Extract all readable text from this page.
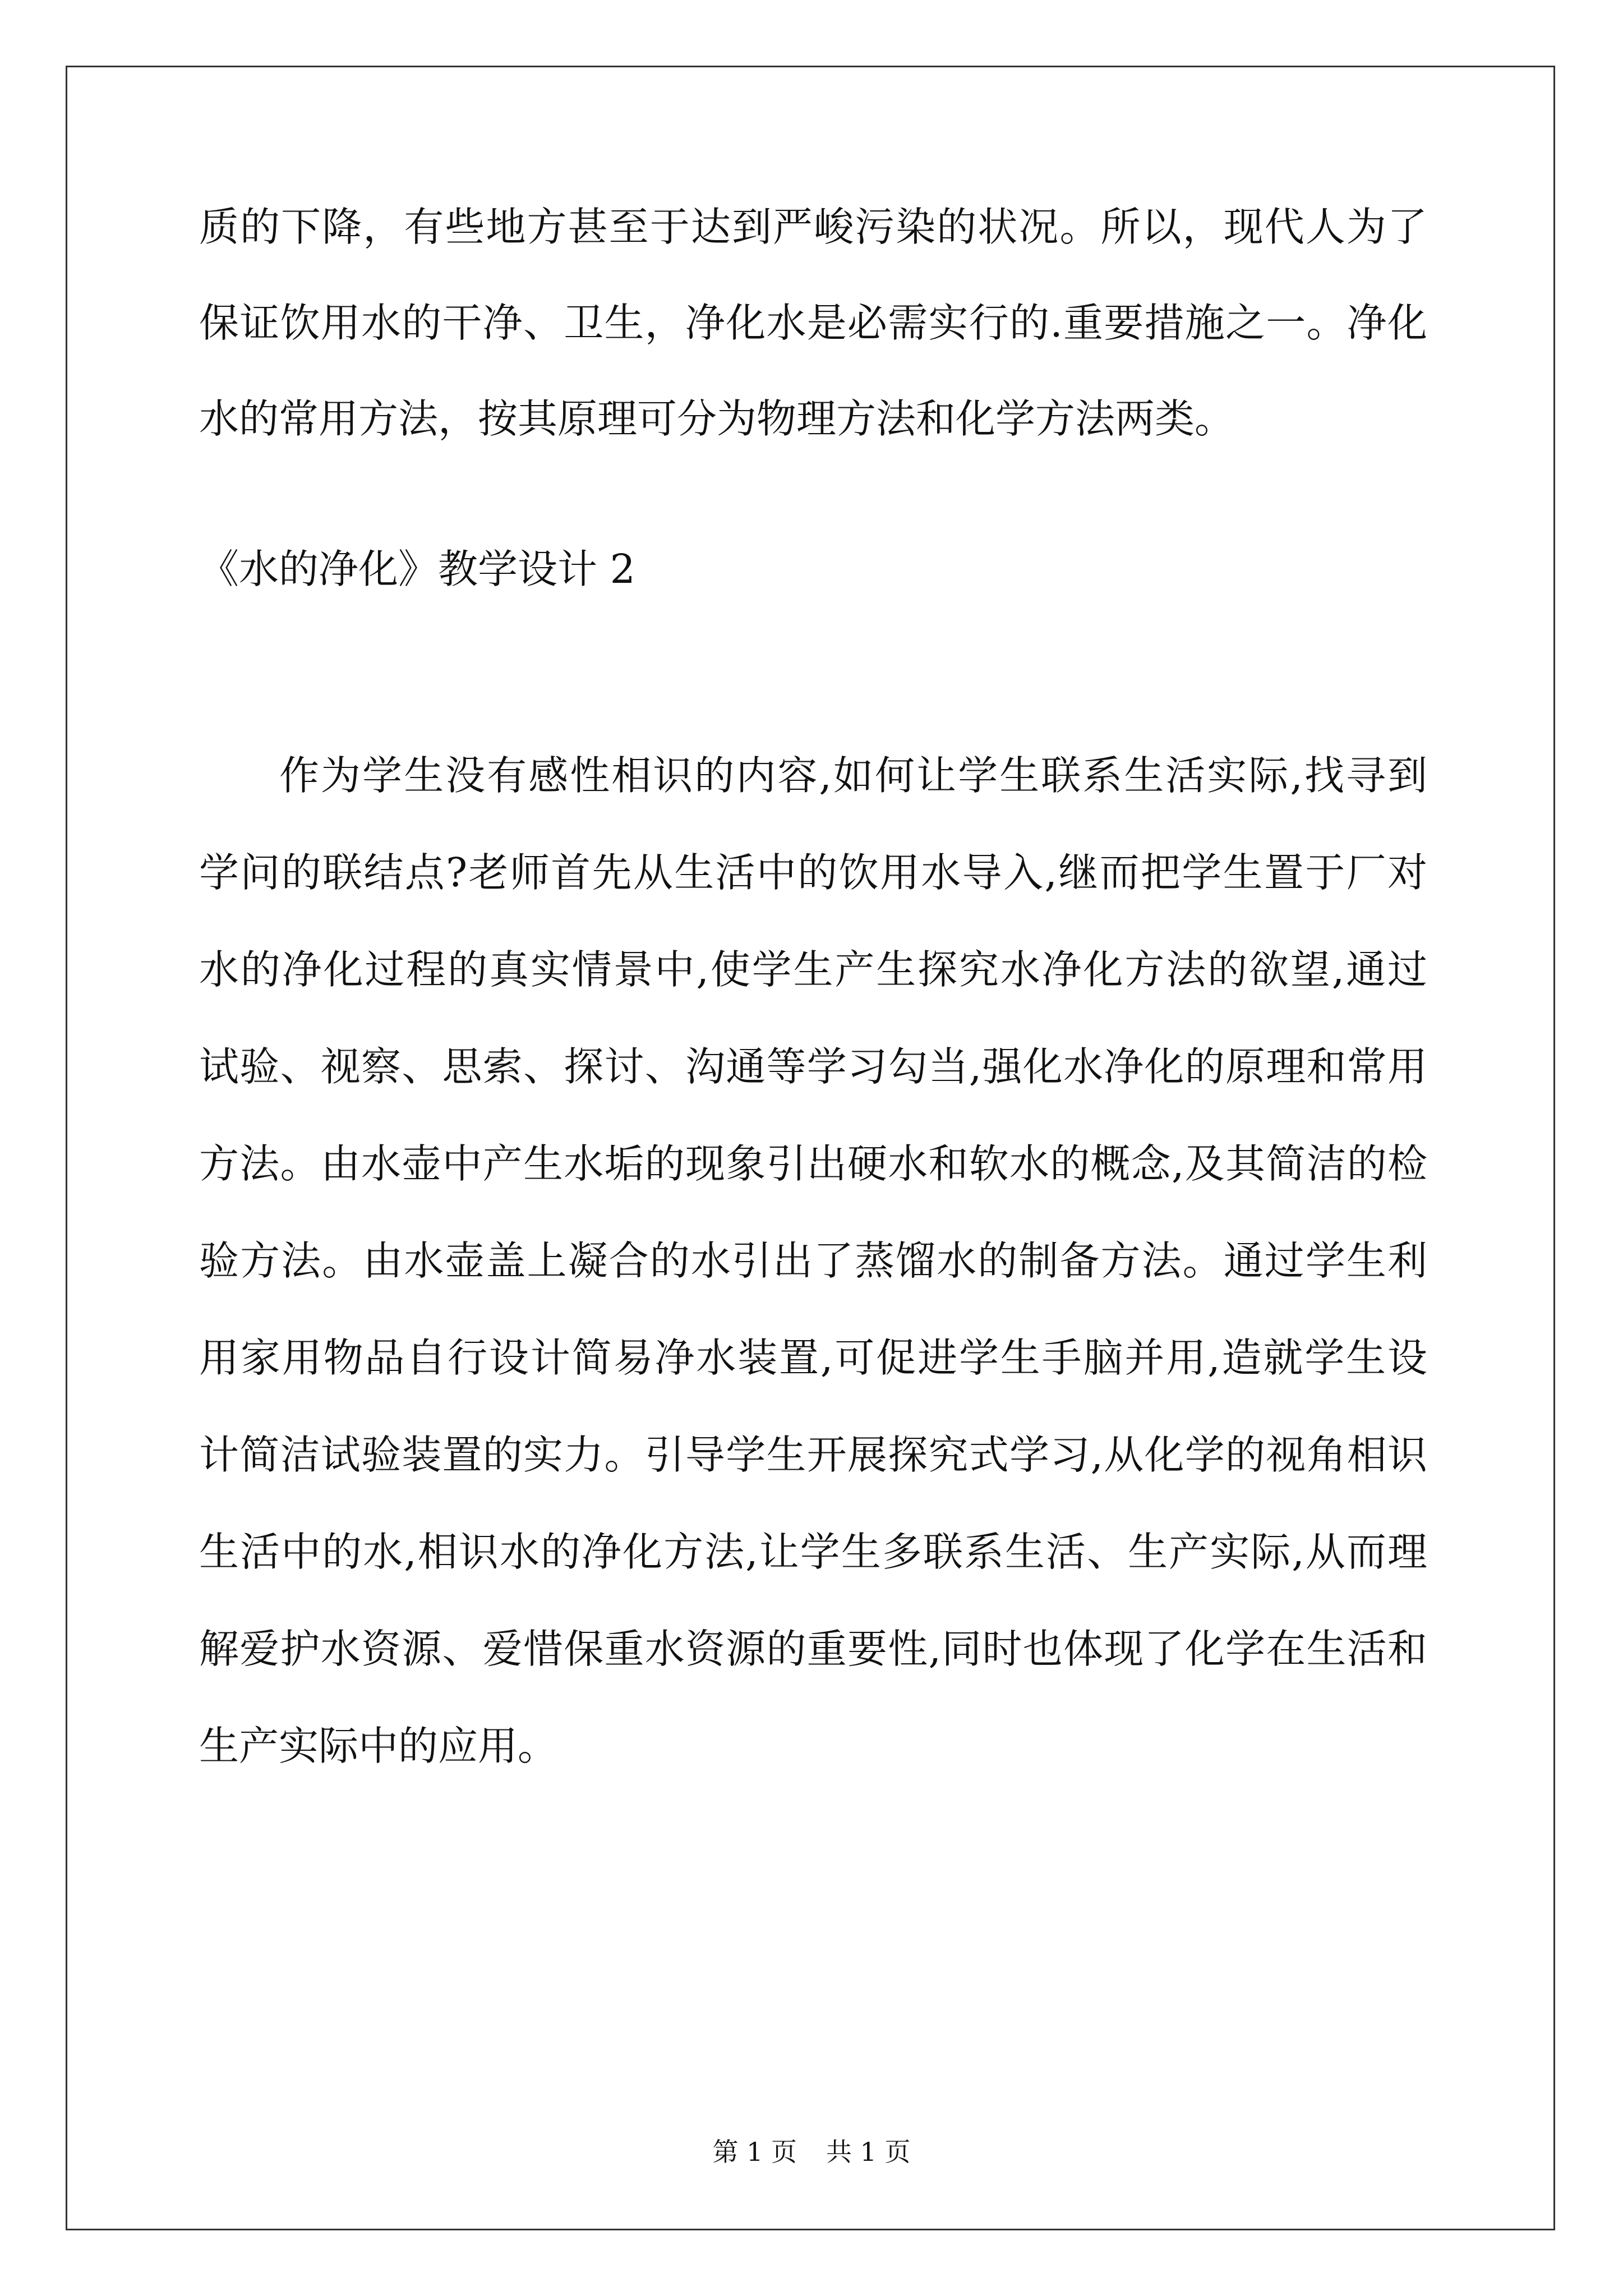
质的下降，有些地方甚至于达到严峻污染的状况。所以，现代人为了
保证饮用水的干净、卫生，净化水是必需实行的.重要措施之一。净化
水的常用方法，按其原理可分为物理方法和化学方法两类。
《水的净化》教学设计 2
作为学生没有感性相识的内容,如何让学生联系生活实际,找寻到
学问的联结点?老师首先从生活中的饮用水导入,继而把学生置于厂对
水的净化过程的真实情景中,使学生产生探究水净化方法的欲望,通过
试验、视察、思索、探讨、沟通等学习勾当,强化水净化的原理和常用
方法。由水壶中产生水垢的现象引出硬水和软水的概念,及其简洁的检
验方法。由水壶盖上凝合的水引出了蒸馏水的制备方法。通过学生利
用家用物品自行设计简易净水装置,可促进学生手脑并用,造就学生设
计简洁试验装置的实力。引导学生开展探究式学习,从化学的视角相识
生活中的水,相识水的净化方法,让学生多联系生活、生产实际,从而理
解爱护水资源、爱惜保重水资源的重要性,同时也体现了化学在生活和
生产实际中的应用。
第 1 页 共 1 页
